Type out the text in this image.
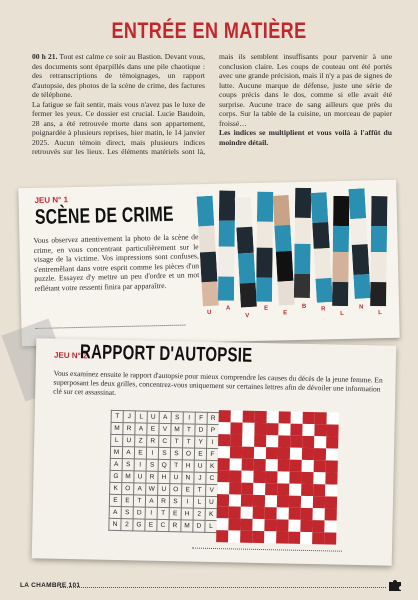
ENTRÉE EN MATIÈRE

00 h 21. Tout est calme ce soir au Bastion. Devant vous, des documents sont éparpillés dans une pile chaotique : des retranscriptions de témoignages, un rapport d'autopsie, des photos de la scène de crime, des factures de téléphone.

La fatigue se fait sentir, mais vous n'avez pas le luxe de fermer les yeux. Ce dossier est crucial. Lucie Baudoin, 28 ans, a été retrouvée morte dans son appartement, poignardée à plusieurs reprises, hier matin, le 14 janvier 2025. Aucun témoin direct, mais plusieurs indices retrouvés sur les lieux. Les éléments matériels sont là, mais ils semblent insuffisants pour parvenir à une conclusion claire. Les coups de couteau ont été portés avec une grande précision, mais il n'y a pas de signes de lutte. Aucune marque de défense, juste une série de coups précis dans le dos, comme si elle avait été surprise. Aucune trace de sang ailleurs que près du corps. Sur la table de la cuisine, un morceau de papier froissé…

Les indices se multiplient et vous voilà à l'affût du moindre détail.

JEU N° 1
SCÈNE DE CRIME
Vous observez attentivement la photo de la scène de crime, en vous concentrant particulièrement sur le visage de la victime. Vos impressions sont confuses, s'entremêlant dans votre esprit comme les pièces d'un puzzle. Essayez d'y mettre un peu d'ordre et un mot reflétant votre ressenti finira par apparaître.
U
A
V
E
E
B R
L
N
L
JEU N° 2
RAPPORT D'AUTOPSIE
Vous examinez ensuite le rapport d'autopsie pour mieux comprendre les causes du décès de la jeune femme. En superposant les deux grilles, concentrez-vous uniquement sur certaines lettres afin de dévoiler une information clé sur cet assassinat.
T	J	L	U	A	S	I	F	R
M	R	A	E	V	M	T	D	P
L	U	Z	R	C	T	T	Y	I
M	A	E	I	S	S	O	E	F
A	S	I	S	Q	T	H	U	K
G	M	U	R	H	U	N	J	C
K	O	A	W	U	O	E	T	V
E	E	T	A	R	S	I	L	U
A	S	D	I	T	E	H	2	K
N	2	G	E	C	R	M	D	L

LA CHAMBRE 101
